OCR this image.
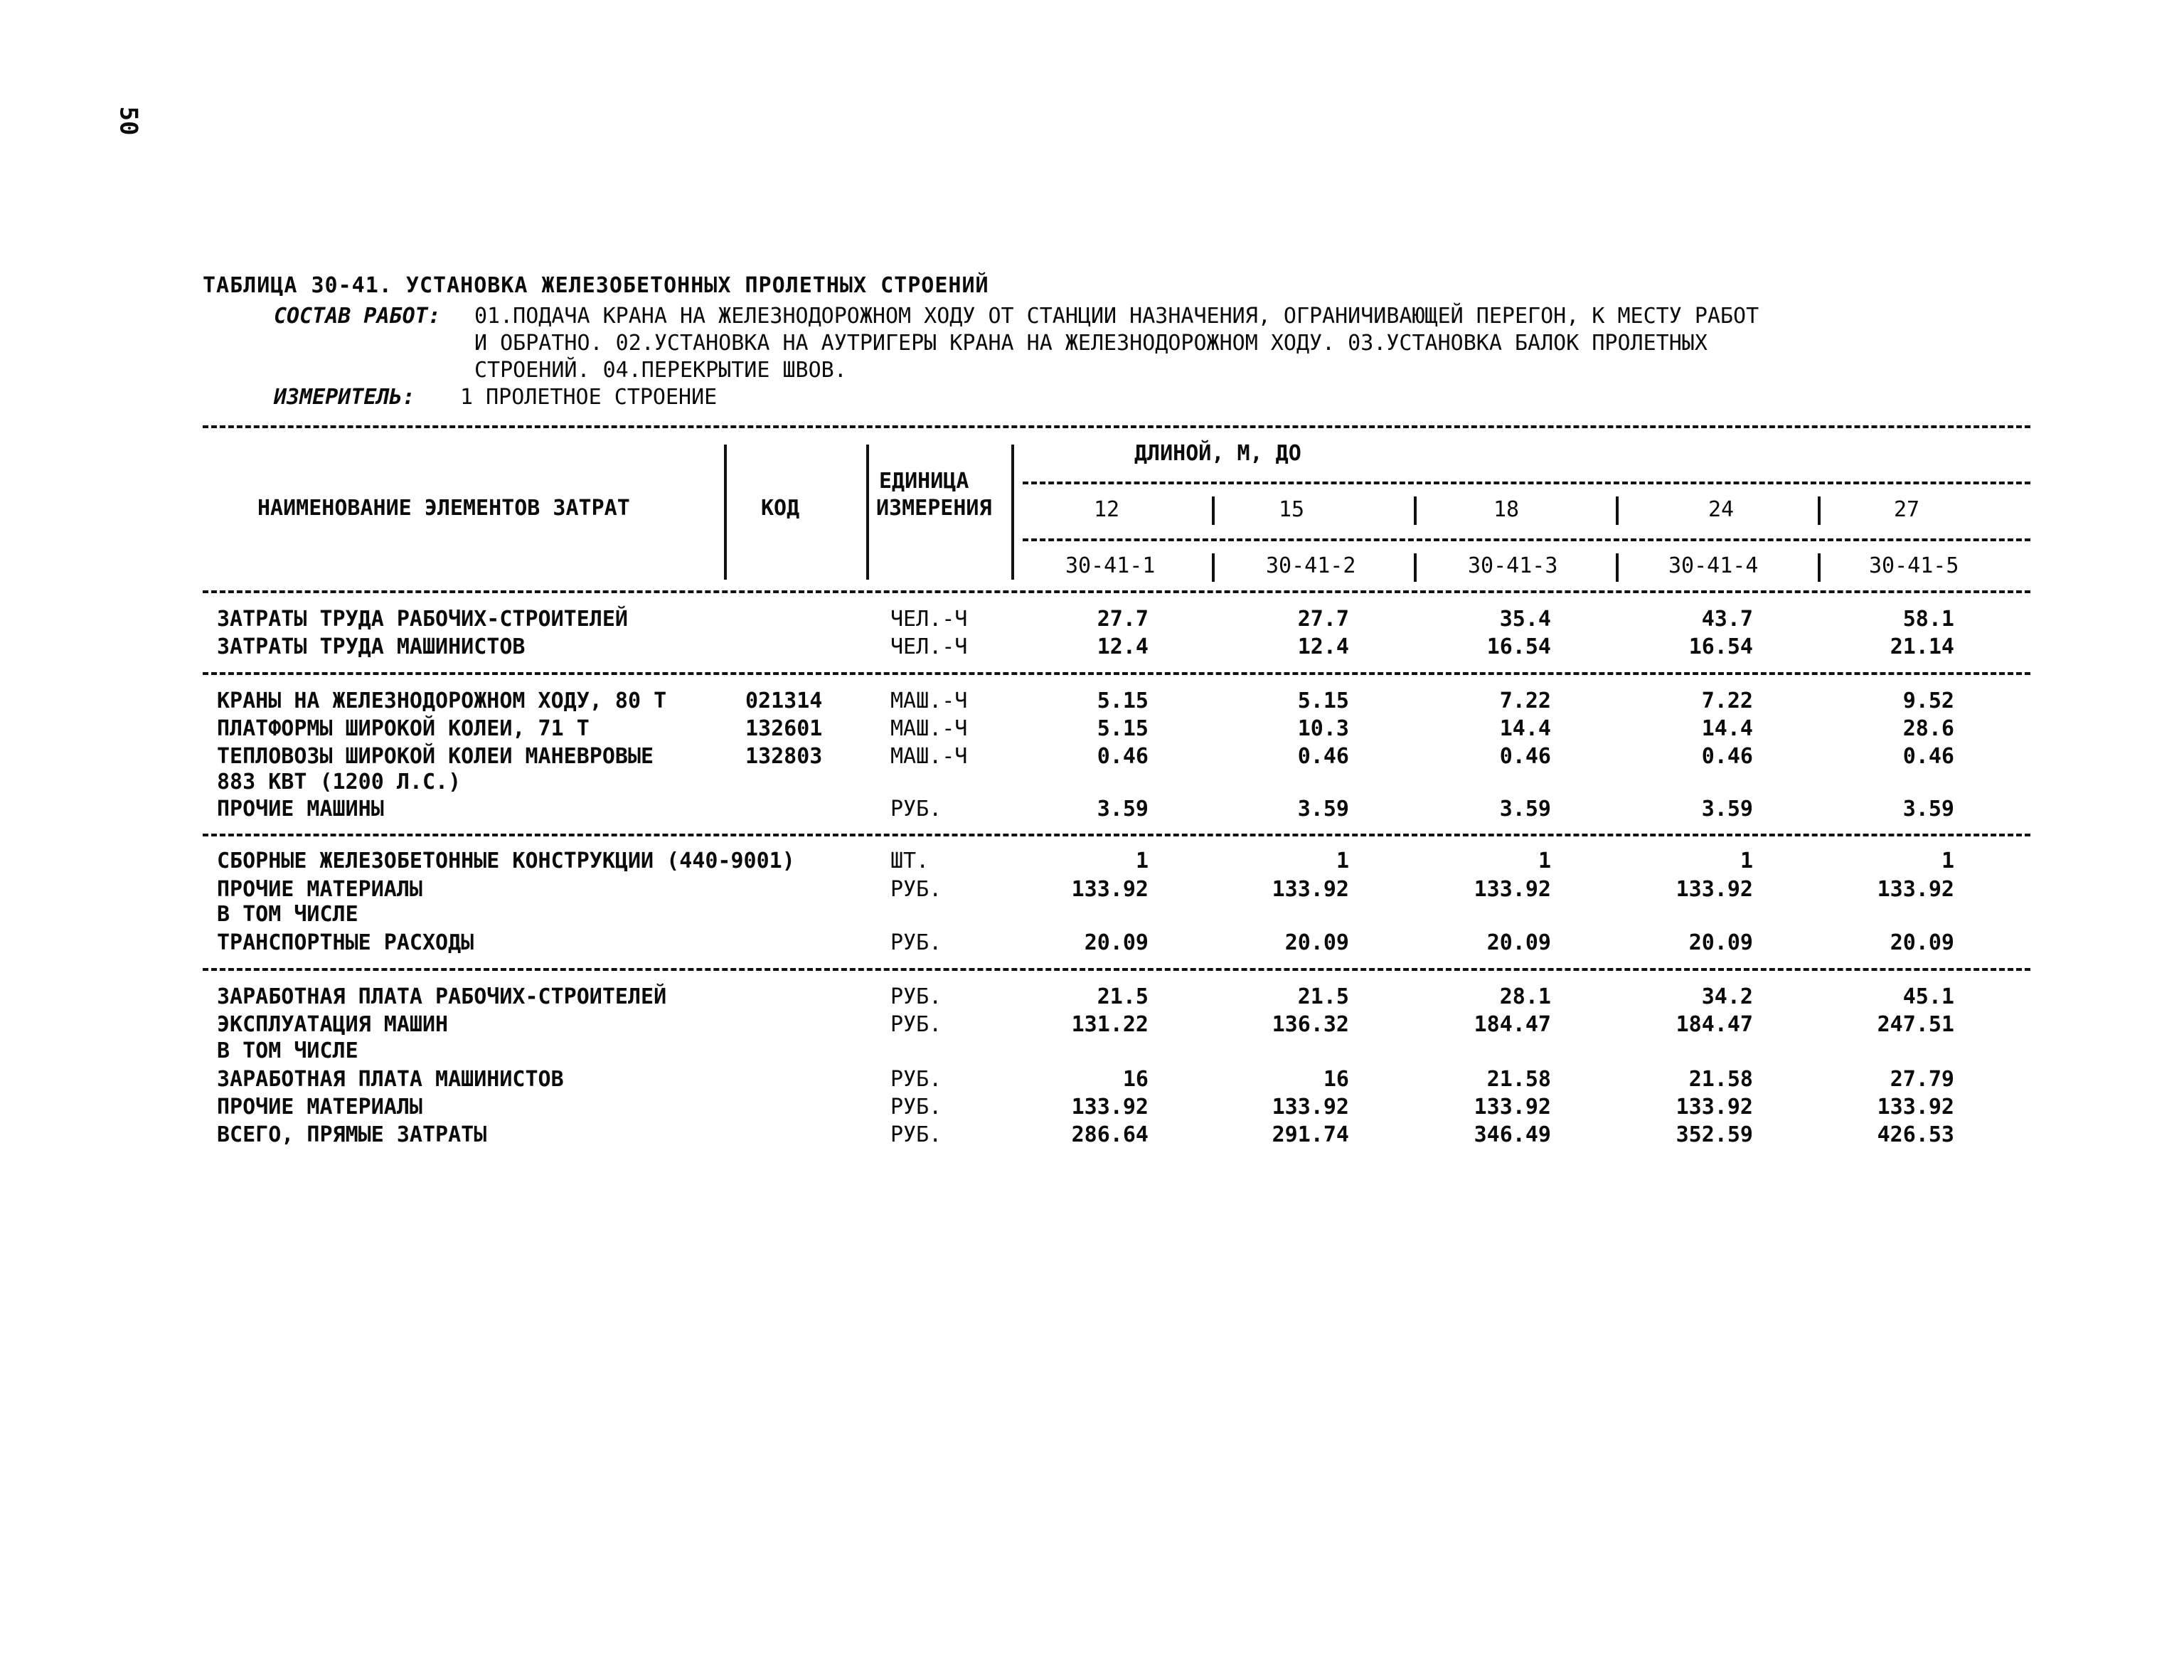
50
ТАБЛИЦА 30-41. УСТАНОВКА ЖЕЛЕЗОБЕТОННЫХ ПРОЛЕТНЫХ СТРОЕНИЙ
СОСТАВ РАБОТ:	01.ПОДАЧА КРАНА НА ЖЕЛЕЗНОДОРОЖНОМ ХОДУ ОТ СТАНЦИИ НАЗНАЧЕНИЯ, ОГРАНИЧИВАЮЩЕЙ ПЕРЕГОН, К МЕСТУ РАБОТ
И ОБРАТНО. 02.УСТАНОВКА НА АУТРИГЕРЫ КРАНА НА ЖЕЛЕЗНОДОРОЖНОМ ХОДУ. 03.УСТАНОВКА БАЛОК ПРОЛЕТНЫХ
СТРОЕНИЙ. 04.ПЕРЕКРЫТИЕ ШВОВ.
ИЗМЕРИТЕЛЬ:	1 ПРОЛЕТНОЕ СТРОЕНИЕ
НАИМЕНОВАНИЕ ЭЛЕМЕНТОВ ЗАТРАТ	КОД
ЕДИНИЦА
ИЗМЕРЕНИЯ
ДЛИНОЙ, М, ДО
12	15	18	24	27
30-41-1	30-41-2	30-41-3	30-41-4	30-41-5
ЗАТРАТЫ ТРУДА РАБОЧИХ-СТРОИТЕЛЕЙ	ЧЕЛ.-Ч	27.7	27.7	35.4	43.7	58.1
ЗАТРАТЫ ТРУДА МАШИНИСТОВ	ЧЕЛ.-Ч	12.4	12.4	16.54	16.54	21.14
КРАНЫ НА ЖЕЛЕЗНОДОРОЖНОМ ХОДУ, 80 Т	021314	МАШ.-Ч	5.15	5.15	7.22	7.22	9.52
ПЛАТФОРМЫ ШИРОКОЙ КОЛЕИ, 71 Т	132601	МАШ.-Ч	5.15	10.3	14.4	14.4	28.6
ТЕПЛОВОЗЫ ШИРОКОЙ КОЛЕИ МАНЕВРОВЫЕ	132803	МАШ.-Ч	0.46	0.46	0.46	0.46	0.46
883 КВТ (1200 Л.С.)
ПРОЧИЕ МАШИНЫ	РУБ.	3.59	3.59	3.59	3.59	3.59
СБОРНЫЕ ЖЕЛЕЗОБЕТОННЫЕ КОНСТРУКЦИИ (440-9001)	ШТ.	1	1	1	1	1
ПРОЧИЕ МАТЕРИАЛЫ	РУБ.	133.92	133.92	133.92	133.92	133.92
В ТОМ ЧИСЛЕ
ТРАНСПОРТНЫЕ РАСХОДЫ	РУБ.	20.09	20.09	20.09	20.09	20.09
ЗАРАБОТНАЯ ПЛАТА РАБОЧИХ-СТРОИТЕЛЕЙ	РУБ.	21.5	21.5	28.1	34.2	45.1
ЭКСПЛУАТАЦИЯ МАШИН	РУБ.	131.22	136.32	184.47	184.47	247.51
В ТОМ ЧИСЛЕ
ЗАРАБОТНАЯ ПЛАТА МАШИНИСТОВ	РУБ.	16	16	21.58	21.58	27.79
ПРОЧИЕ МАТЕРИАЛЫ	РУБ.	133.92	133.92	133.92	133.92	133.92
ВСЕГО, ПРЯМЫЕ ЗАТРАТЫ	РУБ.	286.64	291.74	346.49	352.59	426.53
